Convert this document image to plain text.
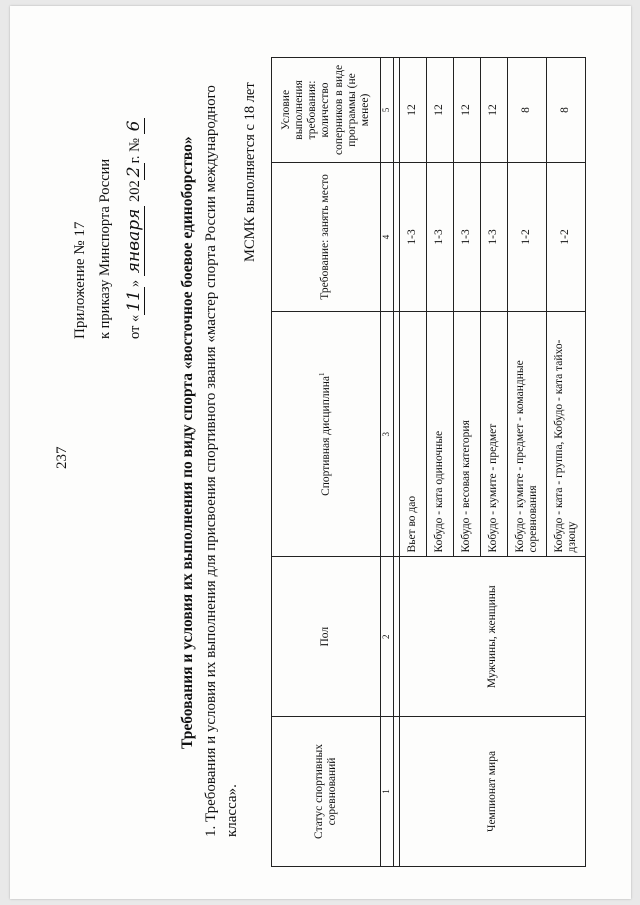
237
Приложение № 17 к приказу Минспорта России от «11» января 2022г. № 6
Требования и условия их выполнения по виду спорта «восточное боевое единоборство» 1. Требования и условия их выполнения для присвоения спортивного звания «мастер спорта России международного класса».
МСМК выполняется с 18 лет
Статус спортивных соревнований	Пол	Спортивная дисциплина$^1$	Требование: занять место	Условие выполнения требования: количество соперников в виде программы (не менее)
1	2	3	4	5

Чемпионат мира	Мужчины, женщины	Вьет во дао	1-3	12
		Кобудо - ката одиночные	1-3	12
		Кобудо - весовая категория	1-3	12
		Кобудо - кумите - предмет	1-3	12
		Кобудо - кумите - предмет - командные соревнования	1-2	8
		Кобудо - ката - группа, Кобудо - ката тайхо-дзюцу	1-2	8
